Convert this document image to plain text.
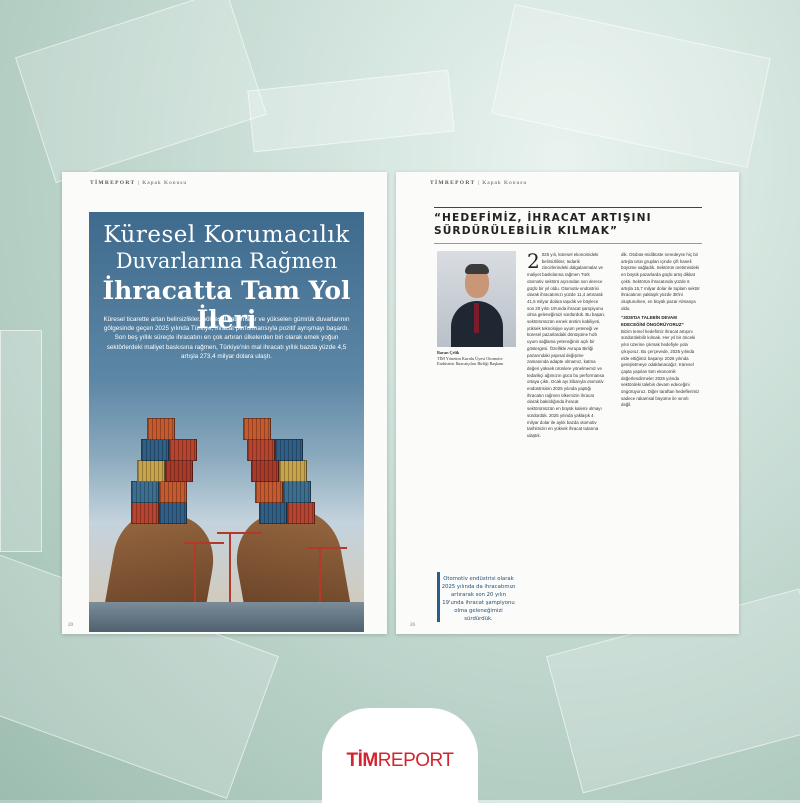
TİMREPORT | Kapak Konusu
Küresel Korumacılık
Duvarlarına Rağmen
İhracatta Tam Yol İleri
Küresel ticarette artan belirsizlikler, bölgesel çatışmalar ve yükselen gümrük duvarlarının gölgesinde geçen 2025 yılında Türkiye, ihracat performansıyla pozitif ayrışmayı başardı. Son beş yıllık süreçte ihracatını en çok artıran ülkelerden biri olarak emek yoğun sektörlerdeki maliyet baskısına rağmen, Türkiye'nin mal ihracatı yıllık bazda yüzde 4,5 artışla 273,4 milyar dolara ulaştı.
20
TİMREPORT | Kapak Konusu
26
“HEDEFİMİZ, İHRACAT ARTIŞINI SÜRDÜRÜLEBİLİR KILMAK”
Baran Çelik
TİM Yönetim Kurulu Üyesi Otomotiv Endüstrisi İhracatçıları Birliği Başkanı
Otomotiv endüstrisi olarak 2025 yılında da ihracatımızı artırarak son 20 yılın 19'unda ihracat şampiyonu olma geleneğimizi sürdürdük.
2 025 yılı, küresel ekonomideki belirsizlikler, tedarik zincirlerindeki dalgalanmalar ve maliyet baskılarına rağmen Türk otomotiv sektörü açısından son derece güçlü bir yıl oldu. Otomotiv endüstrisi olarak ihracatımızı yüzde 11,4 artırarak 41,5 milyar dolara taşıdık ve böylece son 20 yılın 19'unda ihracat şampiyonu olma geleneğimizi sürdürdük. Bu başarı, sektörümüzün esnek üretim kabiliyeti, yüksek teknolojiye uyum yeteneği ve küresel pazarlardaki dönüşüme hızlı uyum sağlama yeteneğinin açık bir göstergesi. Özellikle Avrupa Birliği pazarındaki yapısal değişime zamanında adapte olmamız, katma değeri yüksek ürünlere yönelmemiz ve tedarikçi ağımızın gücü bu performansa ortaya çıktı. Ocak ayı itibarıyla otomotiv endüstrisinin 2025 yılında yaptığı ihracatın rağmen ülkemizin ihracat olarak bakıldığında ihracat sektörümüzün en büyük kalemi olmayı sürdürdük. 2025 yılında yaklaşık 4 milyar dolar ile aylık bazda otomotiv tarihimizin en yüksek ihracat tutarına ulaştık.
dik. Otobüs-midibüste neredeyse hiç bir artışla ürün grupları içinde çift haneli büyüme sağladık. Sektörün üretimindeki en büyük pazarlarda güçlü artış dikkat çekti. Sektörün ihracatında yüzde 6 artışla 15,7 milyar dolar ile toplam sektör ihracatının yaklaşık yüzde 38'ini oluştururken, en büyük pazar Almanya oldu.
“2026'DA TALEBİN DEVAM EDECEĞİNİ ÖNGÖRÜYORUZ”
Bizim temel hedefimiz ihracat artışını sürdürülebilir kılmak. Her yıl bir önceki yılın üzerine çıkmak hedefiyle yola çıkıyoruz. Bu çerçevede, 2025 yılında elde ettiğimiz başarıyı 2026 yılında genişletmeye odaklanacağız. Küresel çapta yapılan tüm ekonomik değerlendirmeler 2026 yılında sektördeki talebin devam edeceğini öngörüyoruz. Diğer taraftan hedeflerimiz sadece rakamsal büyüme ile sınırlı değil.
TİMREPORT
